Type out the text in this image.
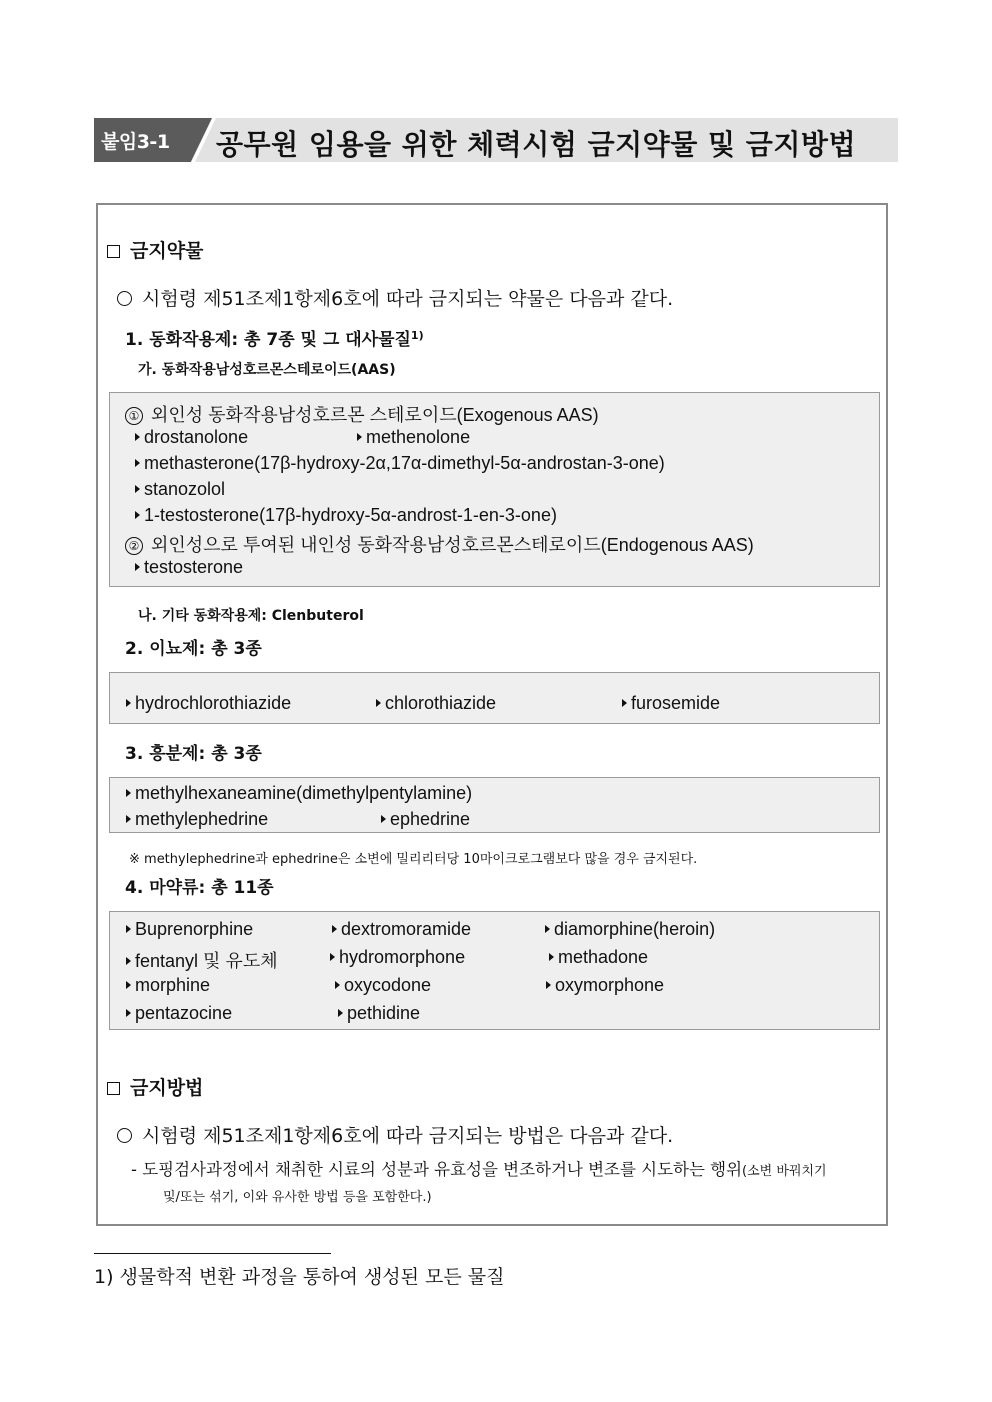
붙임3-1 공무원 임용을 위한 체력시험 금지약물 및 금지방법
금지약물
시험령 제51조제1항제6호에 따라 금지되는 약물은 다음과 같다.
1. 동화작용제: 총 7종 및 그 대사물질$^{1)}$
가. 동화작용남성호르몬스테로이드(AAS)
① 외인성 동화작용남성호르몬 스테로이드(Exogenous AAS)
drostanolone	methenolone
methasterone(17β-hydroxy-2α,17α-dimethyl-5α-androstan-3-one)
stanozolol
1-testosterone(17β-hydroxy-5α-androst-1-en-3-one)
② 외인성으로 투여된 내인성 동화작용남성호르몬스테로이드(Endogenous AAS)
testosterone
나. 기타 동화작용제: Clenbuterol
2. 이뇨제: 총 3종
hydrochlorothiazide	chlorothiazide	furosemide
3. 흥분제: 총 3종
methylhexaneamine(dimethylpentylamine)
methylephedrine	ephedrine
※ methylephedrine과 ephedrine은 소변에 밀리리터당 10마이크로그램보다 많을 경우 금지된다.
4. 마약류: 총 11종
Buprenorphine	dextromoramide	diamorphine(heroin)
fentanyl 및 유도체	hydromorphone	methadone
morphine	oxycodone	oxymorphone
pentazocine	pethidine
금지방법
시험령 제51조제1항제6호에 따라 금지되는 방법은 다음과 같다.
- 도핑검사과정에서 채취한 시료의 성분과 유효성을 변조하거나 변조를 시도하는 행위(소변 바꿔치기
및/또는 섞기, 이와 유사한 방법 등을 포함한다.)
1) 생물학적 변환 과정을 통하여 생성된 모든 물질
